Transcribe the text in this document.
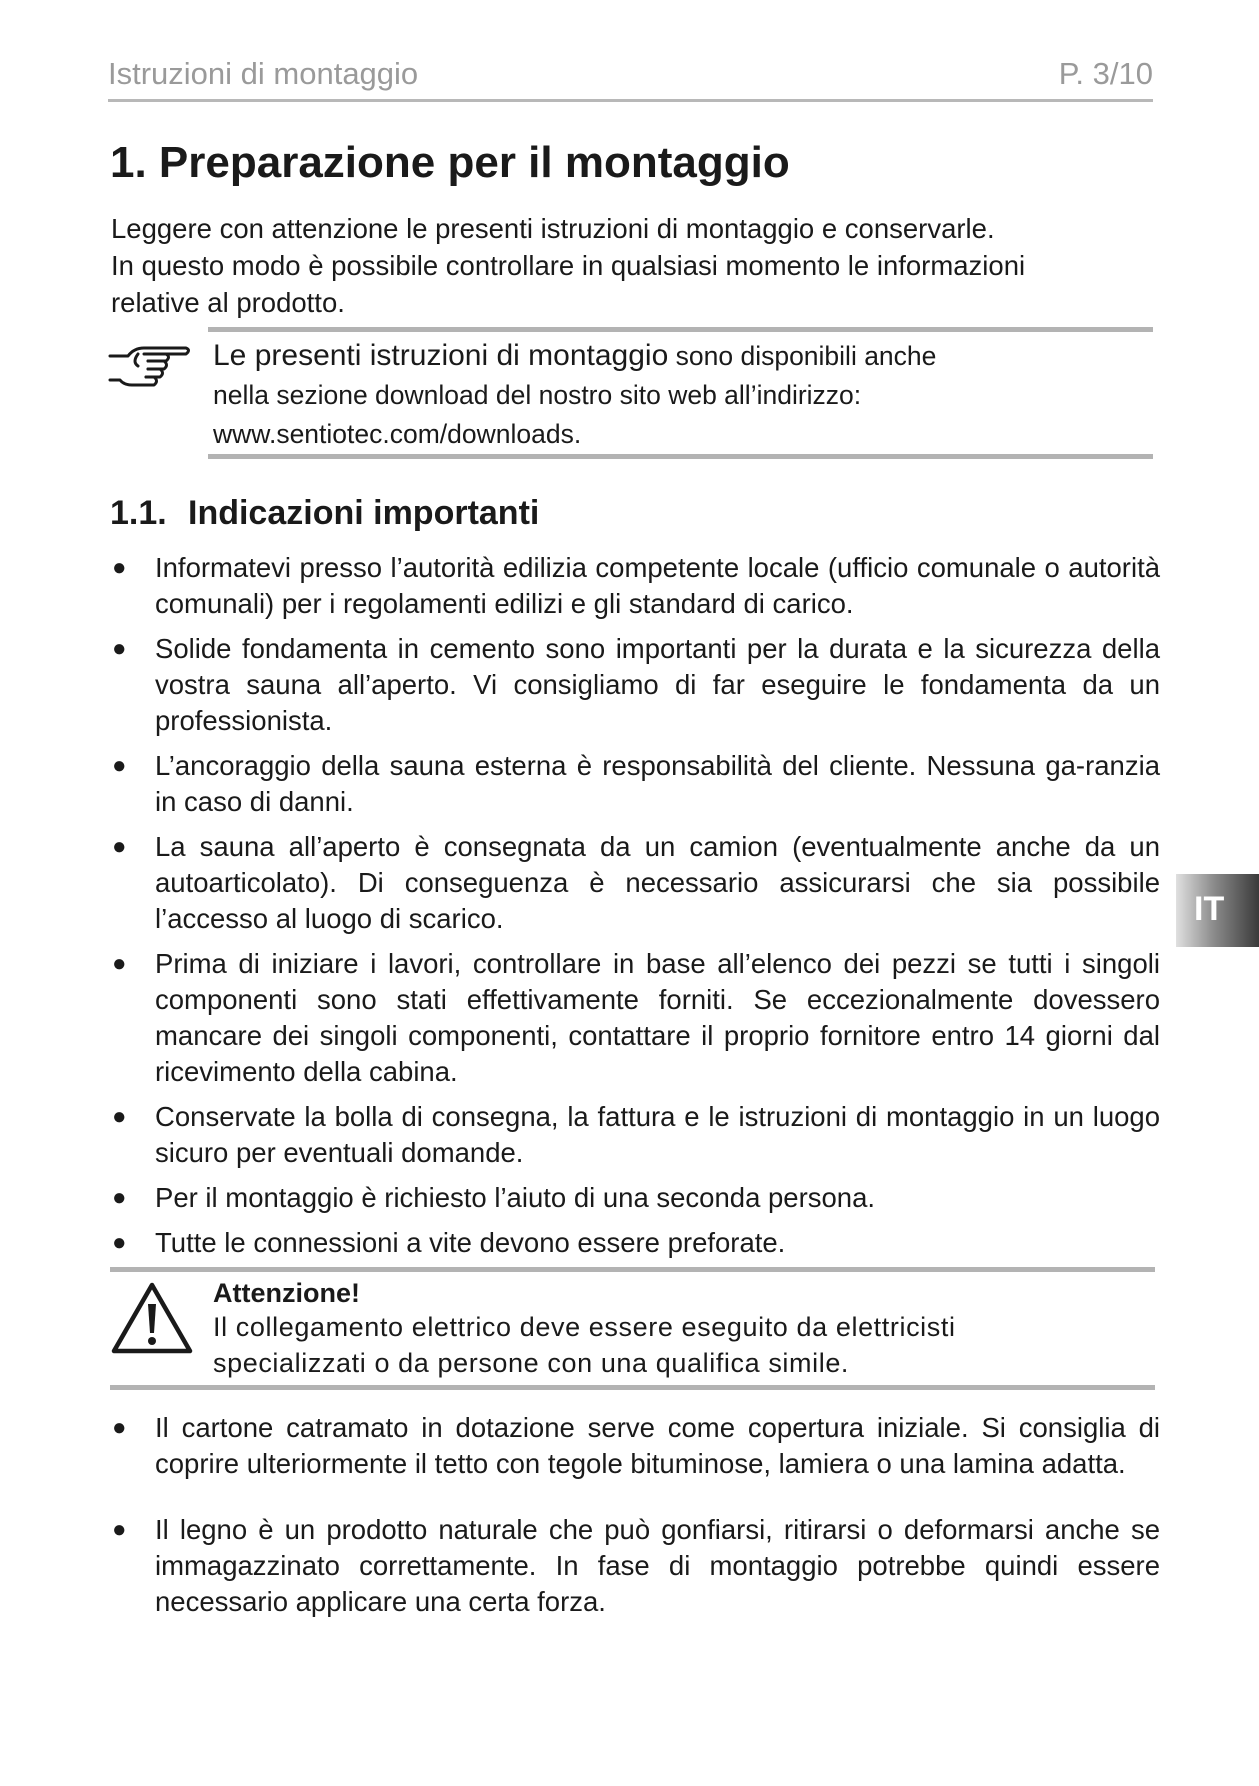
Istruzioni di montaggio	P. 3/10
1. Preparazione per il montaggio

Leggere con attenzione le presenti istruzioni di montaggio e conservarle.

In questo modo è possibile controllare in qualsiasi momento le informazioni

relative al prodotto.

Le presenti istruzioni di montaggio sono disponibili anche

nella sezione download del nostro sito web all’indirizzo:

www.sentiotec.com/downloads.

1.1. Indicazioni importanti
● Informatevi presso l’autorità edilizia competente locale (ufficio comunale o autorità comunali) per i regolamenti edilizi e gli standard di carico.
● Solide fondamenta in cemento sono importanti per la durata e la sicurezza della vostra sauna all’aperto. Vi consigliamo di far eseguire le fondamenta da un professionista.
● L’ancoraggio della sauna esterna è responsabilità del cliente. Nessuna ga-ranzia in caso di danni.
● La sauna all’aperto è consegnata da un camion (eventualmente anche da un autoarticolato). Di conseguenza è necessario assicurarsi che sia possibile l’accesso al luogo di scarico.
● Prima di iniziare i lavori, controllare in base all’elenco dei pezzi se tutti i singoli componenti sono stati effettivamente forniti. Se eccezionalmente dovessero mancare dei singoli componenti, contattare il proprio fornitore entro 14 giorni dal ricevimento della cabina.
● Conservate la bolla di consegna, la fattura e le istruzioni di montaggio in un luogo sicuro per eventuali domande.
● Per il montaggio è richiesto l’aiuto di una seconda persona.
● Tutte le connessioni a vite devono essere preforate.
Attenzione!

Il collegamento elettrico deve essere eseguito da elettricisti

specializzati o da persone con una qualifica simile.

● Il cartone catramato in dotazione serve come copertura iniziale. Si consiglia di coprire ulteriormente il tetto con tegole bituminose, lamiera o una lamina adatta.
● Il legno è un prodotto naturale che può gonfiarsi, ritirarsi o deformarsi anche se immagazzinato correttamente. In fase di montaggio potrebbe quindi essere necessario applicare una certa forza.
IT
